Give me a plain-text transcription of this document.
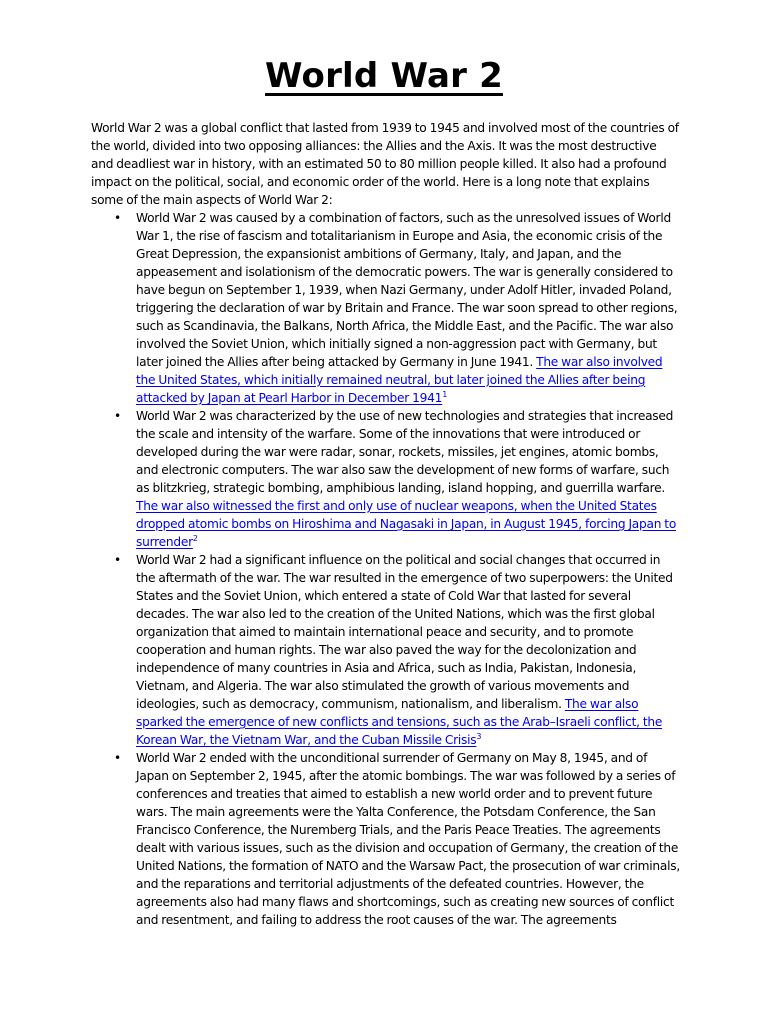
World War 2

World War 2 was a global conflict that lasted from 1939 to 1945 and involved most of the countries of the world, divided into two opposing alliances: the Allies and the Axis. It was the most destructive and deadliest war in history, with an estimated 50 to 80 million people killed. It also had a profound impact on the political, social, and economic order of the world. Here is a long note that explains some of the main aspects of World War 2:

• World War 2 was caused by a combination of factors, such as the unresolved issues of World War 1, the rise of fascism and totalitarianism in Europe and Asia, the economic crisis of the Great Depression, the expansionist ambitions of Germany, Italy, and Japan, and the appeasement and isolationism of the democratic powers. The war is generally considered to have begun on September 1, 1939, when Nazi Germany, under Adolf Hitler, invaded Poland, triggering the declaration of war by Britain and France. The war soon spread to other regions, such as Scandinavia, the Balkans, North Africa, the Middle East, and the Pacific. The war also involved the Soviet Union, which initially signed a non-aggression pact with Germany, but later joined the Allies after being attacked by Germany in June 1941. The war also involved the United States, which initially remained neutral, but later joined the Allies after being attacked by Japan at Pearl Harbor in December 1941$^1$
• World War 2 was characterized by the use of new technologies and strategies that increased the scale and intensity of the warfare. Some of the innovations that were introduced or developed during the war were radar, sonar, rockets, missiles, jet engines, atomic bombs, and electronic computers. The war also saw the development of new forms of warfare, such as blitzkrieg, strategic bombing, amphibious landing, island hopping, and guerrilla warfare. The war also witnessed the first and only use of nuclear weapons, when the United States dropped atomic bombs on Hiroshima and Nagasaki in Japan, in August 1945, forcing Japan to surrender$^2$
• World War 2 had a significant influence on the political and social changes that occurred in the aftermath of the war. The war resulted in the emergence of two superpowers: the United States and the Soviet Union, which entered a state of Cold War that lasted for several decades. The war also led to the creation of the United Nations, which was the first global organization that aimed to maintain international peace and security, and to promote cooperation and human rights. The war also paved the way for the decolonization and independence of many countries in Asia and Africa, such as India, Pakistan, Indonesia, Vietnam, and Algeria. The war also stimulated the growth of various movements and ideologies, such as democracy, communism, nationalism, and liberalism. The war also sparked the emergence of new conflicts and tensions, such as the Arab–Israeli conflict, the Korean War, the Vietnam War, and the Cuban Missile Crisis$^3$
• World War 2 ended with the unconditional surrender of Germany on May 8, 1945, and of Japan on September 2, 1945, after the atomic bombings. The war was followed by a series of conferences and treaties that aimed to establish a new world order and to prevent future wars. The main agreements were the Yalta Conference, the Potsdam Conference, the San Francisco Conference, the Nuremberg Trials, and the Paris Peace Treaties. The agreements dealt with various issues, such as the division and occupation of Germany, the creation of the United Nations, the formation of NATO and the Warsaw Pact, the prosecution of war criminals, and the reparations and territorial adjustments of the defeated countries. However, the agreements also had many flaws and shortcomings, such as creating new sources of conflict and resentment, and failing to address the root causes of the war. The agreements
